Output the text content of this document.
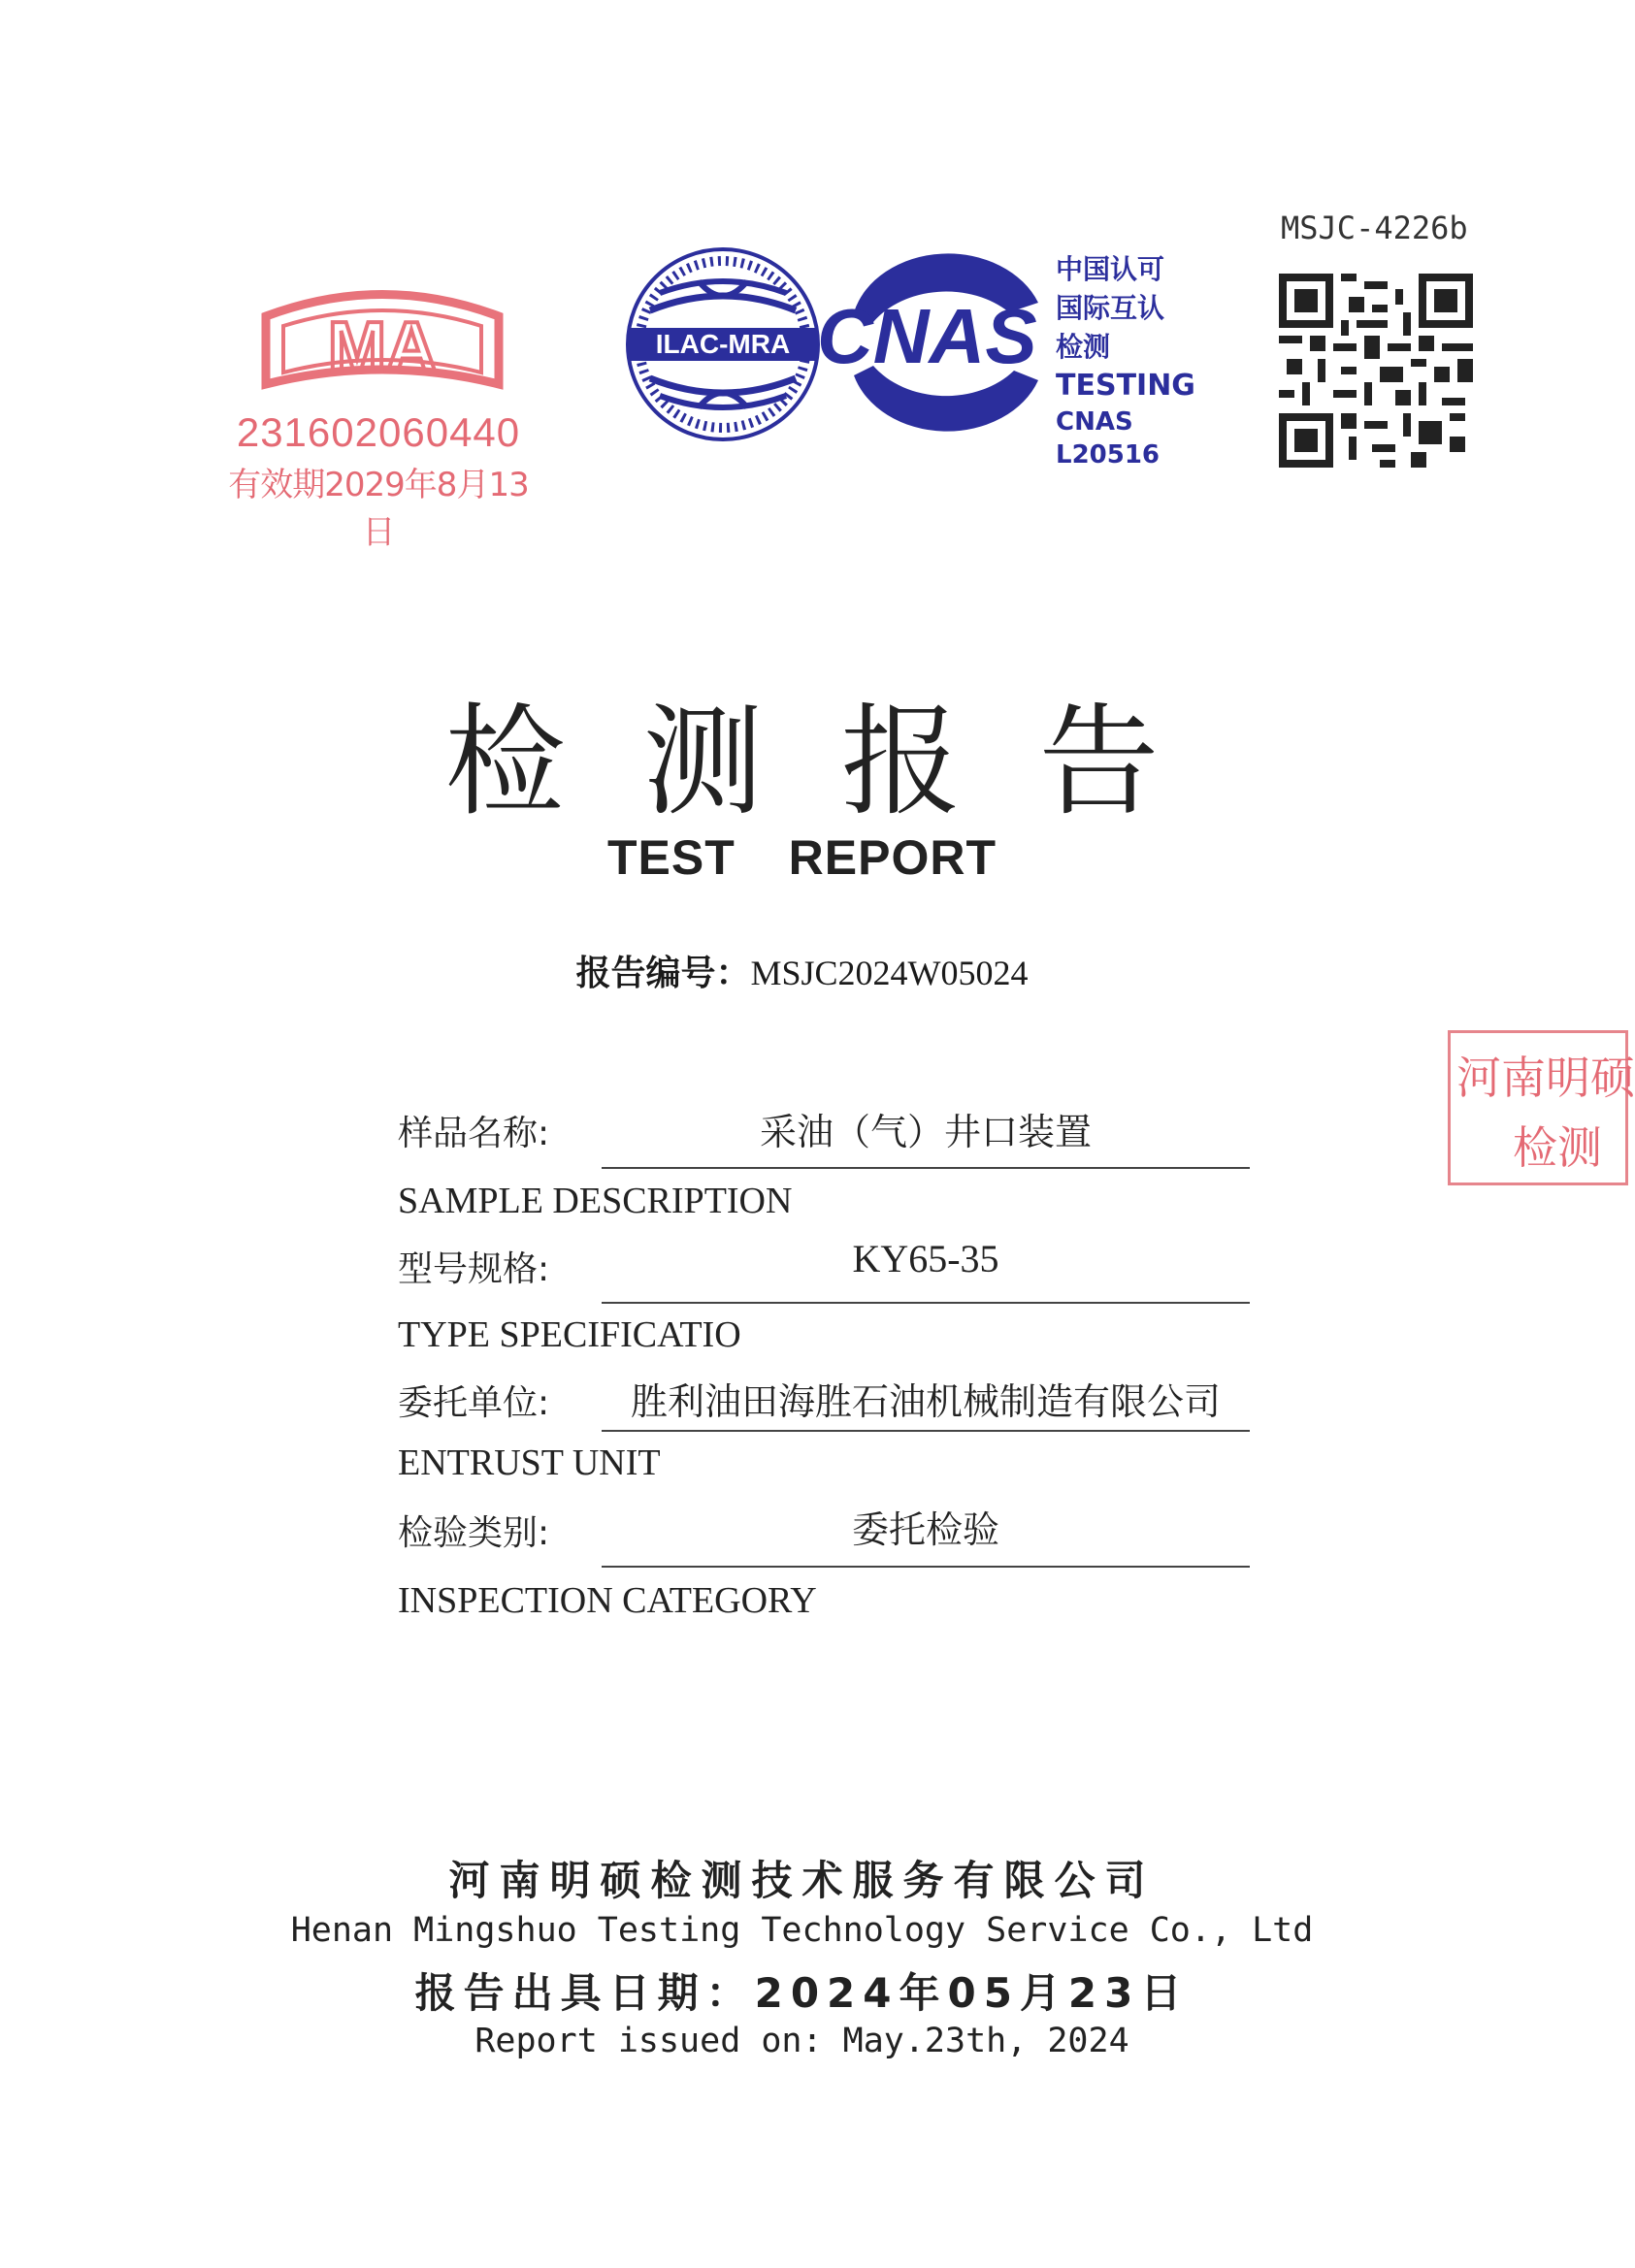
MA
231602060440
有效期2029年8月13日
ILAC-MRA CNAS
中国认可
国际互认
检测
TESTING
CNAS L20516
MSJC-4226b
检测报告
TEST REPORT
报告编号：MSJC2024W05024
样品名称:	采油（气）井口装置
SAMPLE DESCRIPTION
型号规格:	KY65-35
TYPE SPECIFICATIO
委托单位:	胜利油田海胜石油机械制造有限公司
ENTRUST UNIT
检验类别:	委托检验
INSPECTION CATEGORY
河南明硕
检测
河南明硕检测技术服务有限公司
Henan Mingshuo Testing Technology Service Co., Ltd
报告出具日期：2024年05月23日
Report issued on: May.23th, 2024
